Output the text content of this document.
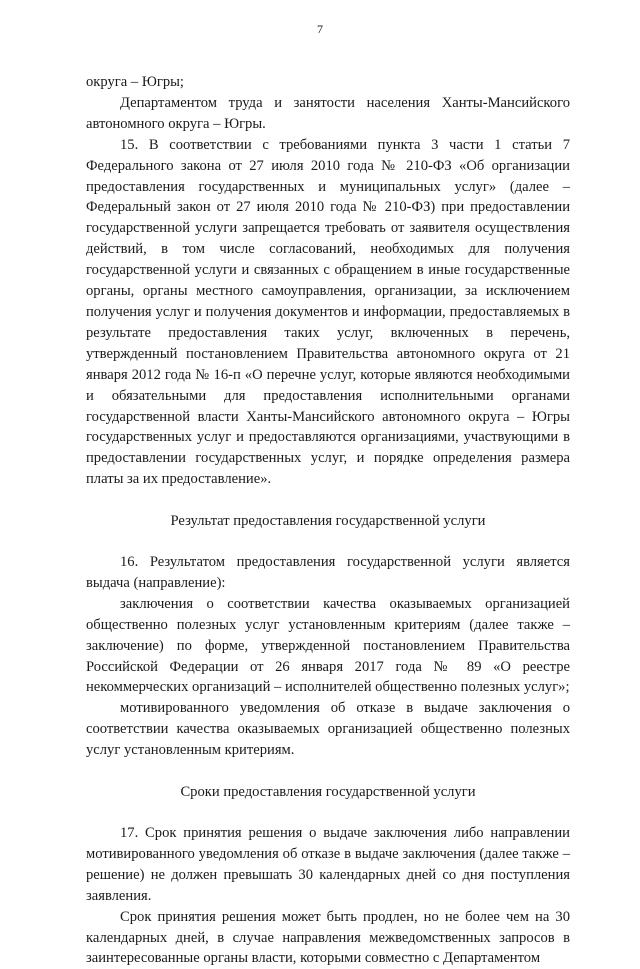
7

округа – Югры;

Департаментом труда и занятости населения Ханты-Мансийского автономного округа – Югры.

15. В соответствии с требованиями пункта 3 части 1 статьи 7 Федерального закона от 27 июля 2010 года № 210-ФЗ «Об организации предоставления государственных и муниципальных услуг» (далее – Федеральный закон от 27 июля 2010 года № 210-ФЗ) при предоставлении государственной услуги запрещается требовать от заявителя осуществления действий, в том числе согласований, необходимых для получения государственной услуги и связанных с обращением в иные государственные органы, органы местного самоуправления, организации, за исключением получения услуг и получения документов и информации, предоставляемых в результате предоставления таких услуг, включенных в перечень, утвержденный постановлением Правительства автономного округа от 21 января 2012 года № 16-п «О перечне услуг, которые являются необходимыми и обязательными для предоставления исполнительными органами государственной власти Ханты-Мансийского автономного округа – Югры государственных услуг и предоставляются организациями, участвующими в предоставлении государственных услуг, и порядке определения размера платы за их предоставление».

Результат предоставления государственной услуги

16. Результатом предоставления государственной услуги является выдача (направление):

заключения о соответствии качества оказываемых организацией общественно полезных услуг установленным критериям (далее также – заключение) по форме, утвержденной постановлением Правительства Российской Федерации от 26 января 2017 года № 89 «О реестре некоммерческих организаций – исполнителей общественно полезных услуг»;

мотивированного уведомления об отказе в выдаче заключения о соответствии качества оказываемых организацией общественно полезных услуг установленным критериям.

Сроки предоставления государственной услуги

17. Срок принятия решения о выдаче заключения либо направлении мотивированного уведомления об отказе в выдаче заключения (далее также – решение) не должен превышать 30 календарных дней со дня поступления заявления.

Срок принятия решения может быть продлен, но не более чем на 30 календарных дней, в случае направления межведомственных запросов в заинтересованные органы власти, которыми совместно с Департаментом
